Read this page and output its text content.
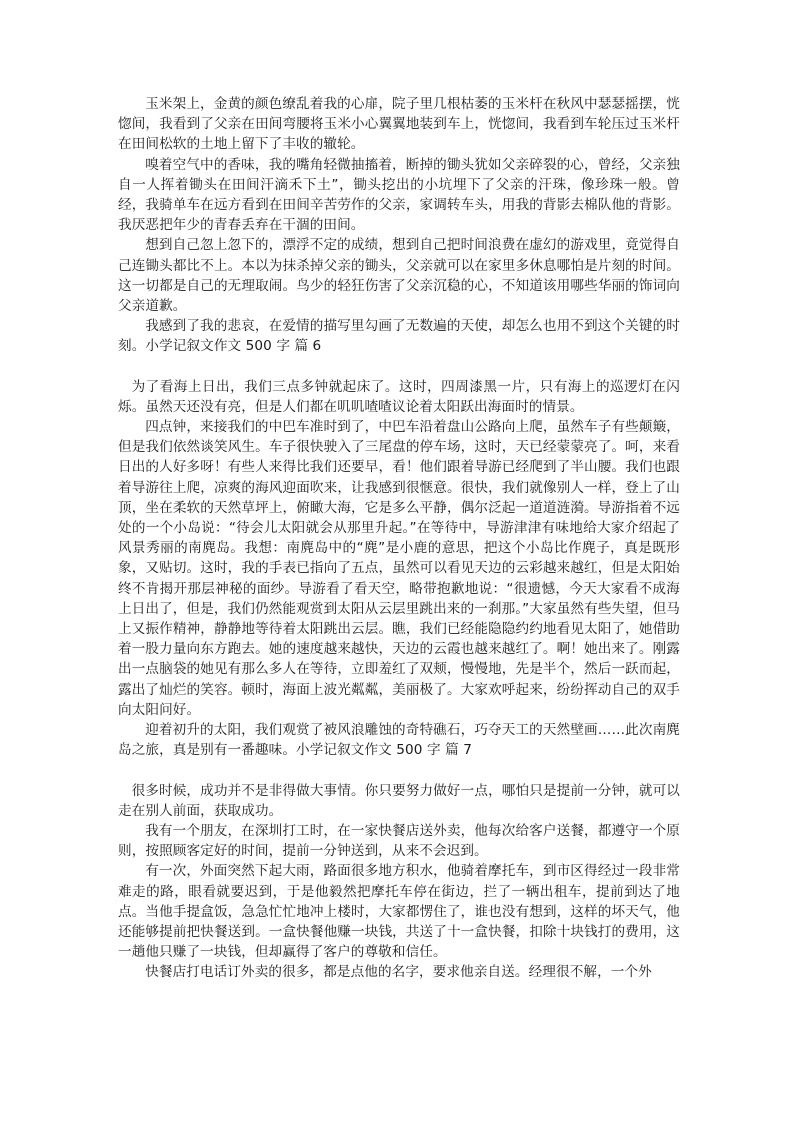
玉米架上，金黄的颜色缭乱着我的心扉，院子里几根枯萎的玉米杆在秋风中瑟瑟摇摆，恍惚间，我看到了父亲在田间弯腰将玉米小心翼翼地装到车上，恍惚间，我看到车轮压过玉米杆在田间松软的土地上留下了丰收的辙轮。

嗅着空气中的香味，我的嘴角轻微抽搐着，断掉的锄头犹如父亲碎裂的心，曾经，父亲独自一人挥着锄头在田间汗滴禾下土”，锄头挖出的小坑埋下了父亲的汗珠，像珍珠一般。曾经，我骑单车在远方看到在田间辛苦劳作的父亲，家调转车头，用我的背影去棉队他的背影。我厌恶把年少的青春丢弃在干涸的田间。

想到自己忽上忽下的，漂浮不定的成绩，想到自己把时间浪费在虚幻的游戏里，竟觉得自己连锄头都比不上。本以为抹杀掉父亲的锄头，父亲就可以在家里多休息哪怕是片刻的时间。这一切都是自己的无理取闹。鸟少的轻狂伤害了父亲沉稳的心，不知道该用哪些华丽的饰词向父亲道歉。

我感到了我的悲哀，在爱情的描写里勾画了无数遍的天使，却怎么也用不到这个关键的时刻。小学记叙文作文 500 字 篇 6

为了看海上日出，我们三点多钟就起床了。这时，四周漆黑一片，只有海上的巡逻灯在闪烁。虽然天还没有亮，但是人们都在叽叽喳喳议论着太阳跃出海面时的情景。

四点钟，来接我们的中巴车准时到了，中巴车沿着盘山公路向上爬，虽然车子有些颠簸，但是我们依然谈笑风生。车子很快驶入了三尾盘的停车场，这时，天已经蒙蒙亮了。呵，来看日出的人好多呀！有些人来得比我们还要早，看！他们跟着导游已经爬到了半山腰。我们也跟着导游往上爬，凉爽的海风迎面吹来，让我感到很惬意。很快，我们就像别人一样，登上了山顶，坐在柔软的天然草坪上，俯瞰大海，它是多么平静，偶尔泛起一道道涟漪。导游指着不远处的一个小岛说：“待会儿太阳就会从那里升起。”在等待中，导游津津有味地给大家介绍起了风景秀丽的南麂岛。我想：南麂岛中的“麂”是小鹿的意思，把这个小岛比作麂子，真是既形象，又贴切。这时，我的手表已指向了五点，虽然可以看见天边的云彩越来越红，但是太阳始终不肯揭开那层神秘的面纱。导游看了看天空，略带抱歉地说：“很遗憾，今天大家看不成海上日出了，但是，我们仍然能观赏到太阳从云层里跳出来的一刹那。”大家虽然有些失望，但马上又振作精神，静静地等待着太阳跳出云层。瞧，我们已经能隐隐约约地看见太阳了，她借助着一股力量向东方跑去。她的速度越来越快，天边的云霞也越来越红了。啊！她出来了。刚露出一点脑袋的她见有那么多人在等待，立即羞红了双颊，慢慢地，先是半个，然后一跃而起，露出了灿烂的笑容。顿时，海面上波光粼粼，美丽极了。大家欢呼起来，纷纷挥动自己的双手向太阳问好。

迎着初升的太阳，我们观赏了被风浪雕蚀的奇特礁石，巧夺天工的天然壁画……此次南麂岛之旅，真是别有一番趣味。小学记叙文作文 500 字 篇 7

很多时候，成功并不是非得做大事情。你只要努力做好一点，哪怕只是提前一分钟，就可以走在别人前面，获取成功。

我有一个朋友，在深圳打工时，在一家快餐店送外卖，他每次给客户送餐，都遵守一个原则，按照顾客定好的时间，提前一分钟送到，从来不会迟到。

有一次，外面突然下起大雨，路面很多地方积水，他骑着摩托车，到市区得经过一段非常难走的路，眼看就要迟到，于是他毅然把摩托车停在街边，拦了一辆出租车，提前到达了地点。当他手提盒饭，急急忙忙地冲上楼时，大家都愣住了，谁也没有想到，这样的坏天气，他还能够提前把快餐送到。一盒快餐他赚一块钱，共送了十一盒快餐，扣除十块钱打的费用，这一趟他只赚了一块钱，但却赢得了客户的尊敬和信任。

快餐店打电话订外卖的很多，都是点他的名字，要求他亲自送。经理很不解，一个外
